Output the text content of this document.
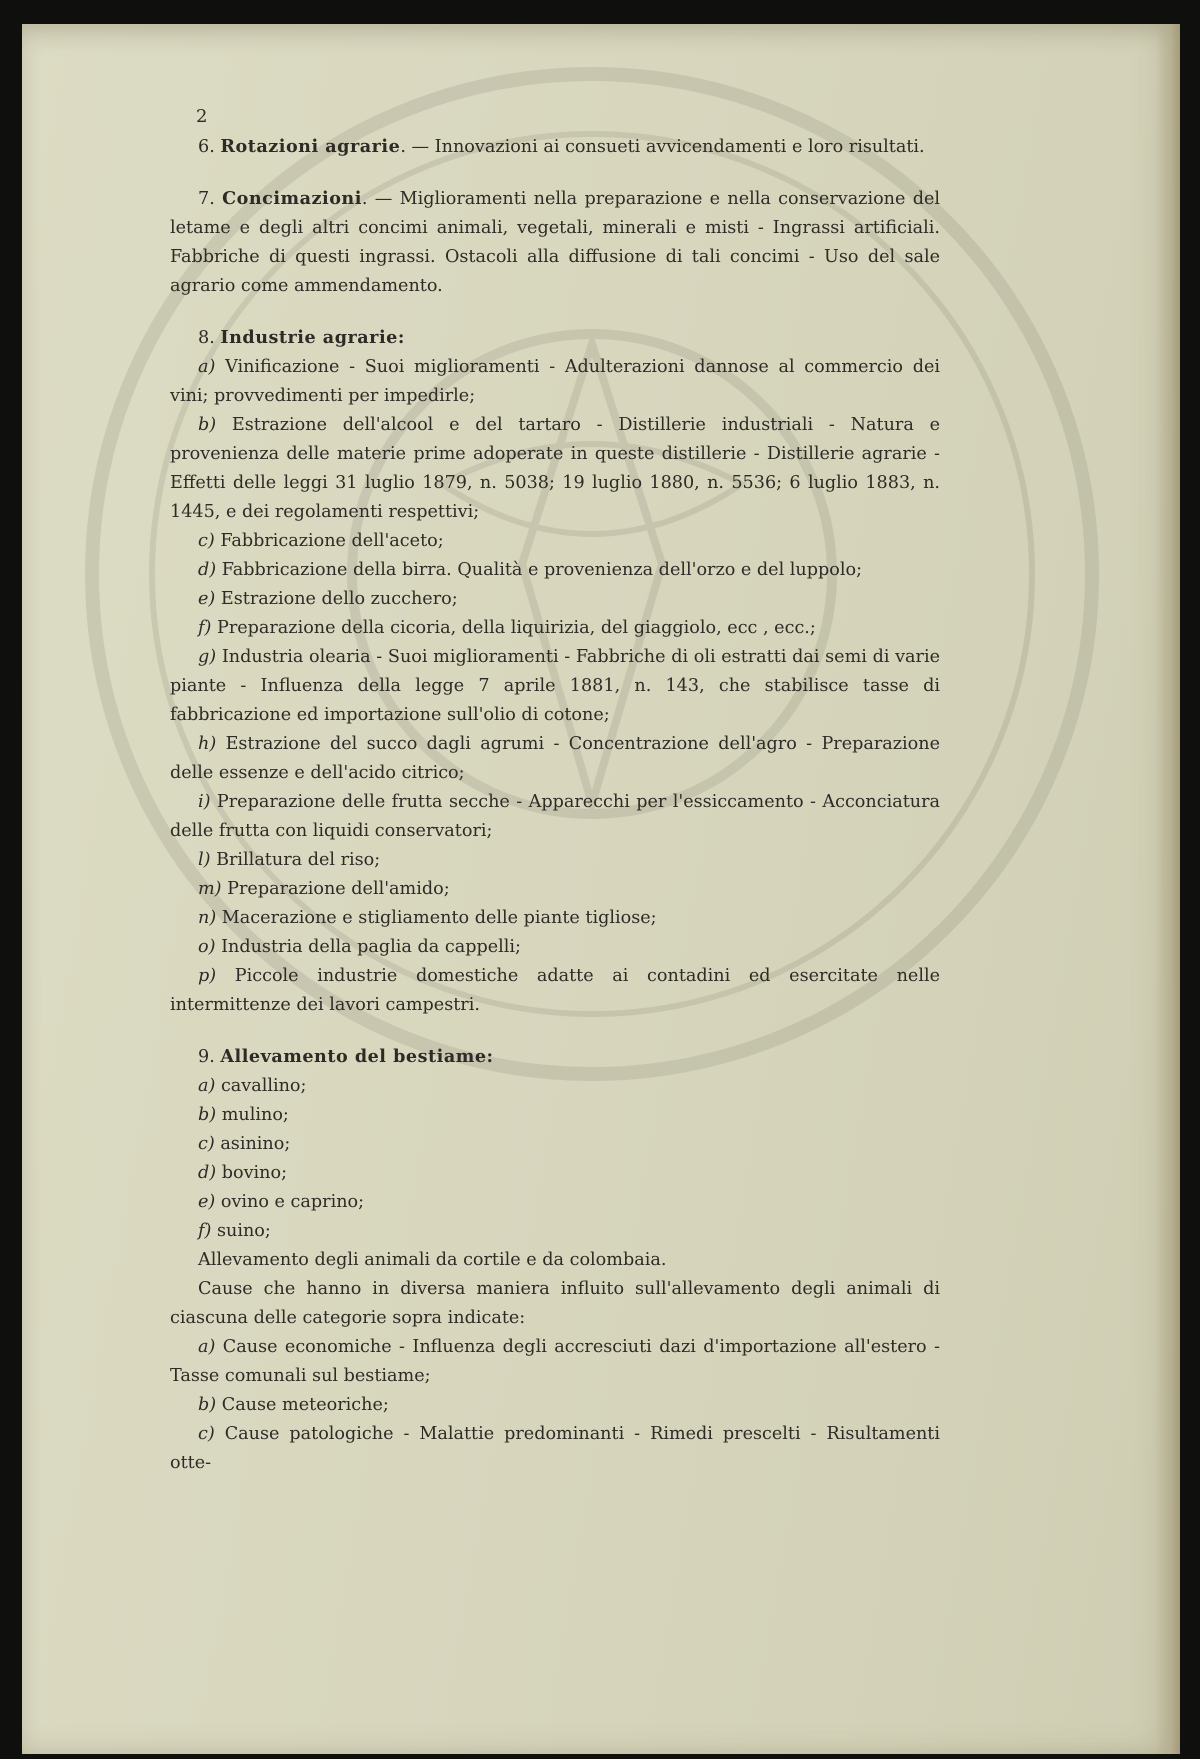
2

6. Rotazioni agrarie. — Innovazioni ai consueti avvicendamenti e loro risultati.

7. Concimazioni. — Miglioramenti nella preparazione e nella conservazione del letame e degli altri concimi animali, vegetali, minerali e misti - Ingrassi artificiali. Fabbriche di questi ingrassi. Ostacoli alla diffusione di tali concimi - Uso del sale agrario come ammendamento.

8. Industrie agrarie:

a) Vinificazione - Suoi miglioramenti - Adulterazioni dannose al commercio dei vini; provvedimenti per impedirle;

b) Estrazione dell'alcool e del tartaro - Distillerie industriali - Natura e provenienza delle materie prime adoperate in queste distillerie - Distillerie agrarie - Effetti delle leggi 31 luglio 1879, n. 5038; 19 luglio 1880, n. 5536; 6 luglio 1883, n. 1445, e dei regolamenti respettivi;

c) Fabbricazione dell'aceto;

d) Fabbricazione della birra. Qualità e provenienza dell'orzo e del luppolo;

e) Estrazione dello zucchero;

f) Preparazione della cicoria, della liquirizia, del giaggiolo, ecc , ecc.;

g) Industria olearia - Suoi miglioramenti - Fabbriche di oli estratti dai semi di varie piante - Influenza della legge 7 aprile 1881, n. 143, che stabilisce tasse di fabbricazione ed importazione sull'olio di cotone;

h) Estrazione del succo dagli agrumi - Concentrazione dell'agro - Preparazione delle essenze e dell'acido citrico;

i) Preparazione delle frutta secche - Apparecchi per l'essiccamento - Acconciatura delle frutta con liquidi conservatori;

l) Brillatura del riso;

m) Preparazione dell'amido;

n) Macerazione e stigliamento delle piante tigliose;

o) Industria della paglia da cappelli;

p) Piccole industrie domestiche adatte ai contadini ed esercitate nelle intermittenze dei lavori campestri.

9. Allevamento del bestiame:

a) cavallino;

b) mulino;

c) asinino;

d) bovino;

e) ovino e caprino;

f) suino;

Allevamento degli animali da cortile e da colombaia.

Cause che hanno in diversa maniera influito sull'allevamento degli animali di ciascuna delle categorie sopra indicate:

a) Cause economiche - Influenza degli accresciuti dazi d'importazione all'estero - Tasse comunali sul bestiame;

b) Cause meteoriche;

c) Cause patologiche - Malattie predominanti - Rimedi prescelti - Risultamenti otte-
